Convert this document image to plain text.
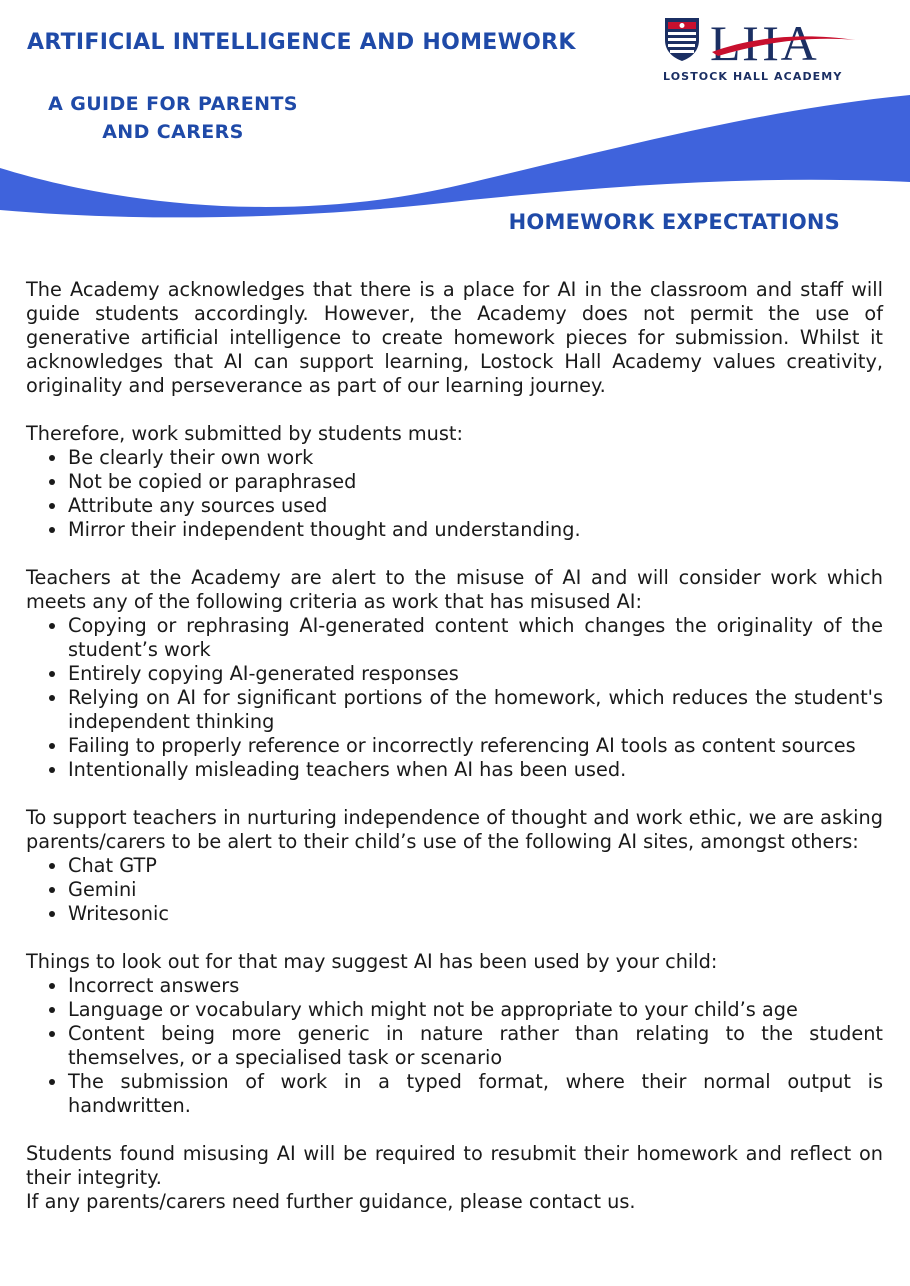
ARTIFICIAL INTELLIGENCE AND HOMEWORK
A GUIDE FOR PARENTS
AND CARERS
LHA
LOSTOCK HALL ACADEMY
HOMEWORK EXPECTATIONS

The Academy acknowledges that there is a place for AI in the classroom and staff will guide students accordingly. However, the Academy does not permit the use of generative artificial intelligence to create homework pieces for submission. Whilst it acknowledges that AI can support learning, Lostock Hall Academy values creativity, originality and perseverance as part of our learning journey.

Therefore, work submitted by students must:

• Be clearly their own work
• Not be copied or paraphrased
• Attribute any sources used
• Mirror their independent thought and understanding.

Teachers at the Academy are alert to the misuse of AI and will consider work which meets any of the following criteria as work that has misused AI:

• Copying or rephrasing AI-generated content which changes the originality of the student’s work
• Entirely copying AI-generated responses
• Relying on AI for significant portions of the homework, which reduces the student's independent thinking
• Failing to properly reference or incorrectly referencing AI tools as content sources
• Intentionally misleading teachers when AI has been used.

To support teachers in nurturing independence of thought and work ethic, we are asking parents/carers to be alert to their child’s use of the following AI sites, amongst others:

• Chat GTP
• Gemini
• Writesonic

Things to look out for that may suggest AI has been used by your child:

• Incorrect answers
• Language or vocabulary which might not be appropriate to your child’s age
• Content being more generic in nature rather than relating to the student themselves, or a specialised task or scenario
• The submission of work in a typed format, where their normal output is handwritten.

Students found misusing AI will be required to resubmit their homework and reflect on their integrity.

If any parents/carers need further guidance, please contact us.
